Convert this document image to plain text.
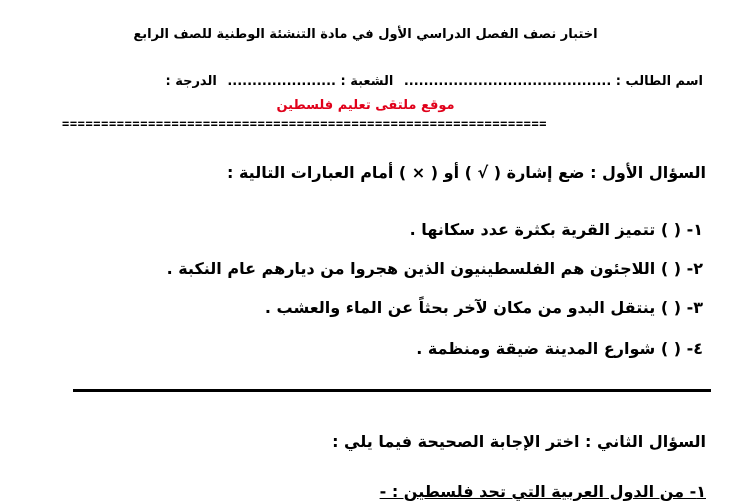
اختبار نصف الفصل الدراسي الأول في مادة التنشئة الوطنية للصف الرابع
اسم الطالب : .......................................... الشعبة : ...................... الدرجة :
موقع ملتقى تعليم فلسطين
==============================================================
السؤال الأول : ضع إشارة ( √ ) أو ( × ) أمام العبارات التالية :
١- ( ) تتميز القرية بكثرة عدد سكانها .
٢- ( ) اللاجئون هم الفلسطينيون الذين هجروا من ديارهم عام النكبة .
٣- ( ) ينتقل البدو من مكان لآخر بحثاً عن الماء والعشب .
٤- ( ) شوارع المدينة ضيقة ومنظمة .
السؤال الثاني : اختر الإجابة الصحيحة فيما يلي :
١- من الدول العربية التي تحد فلسطين : -
